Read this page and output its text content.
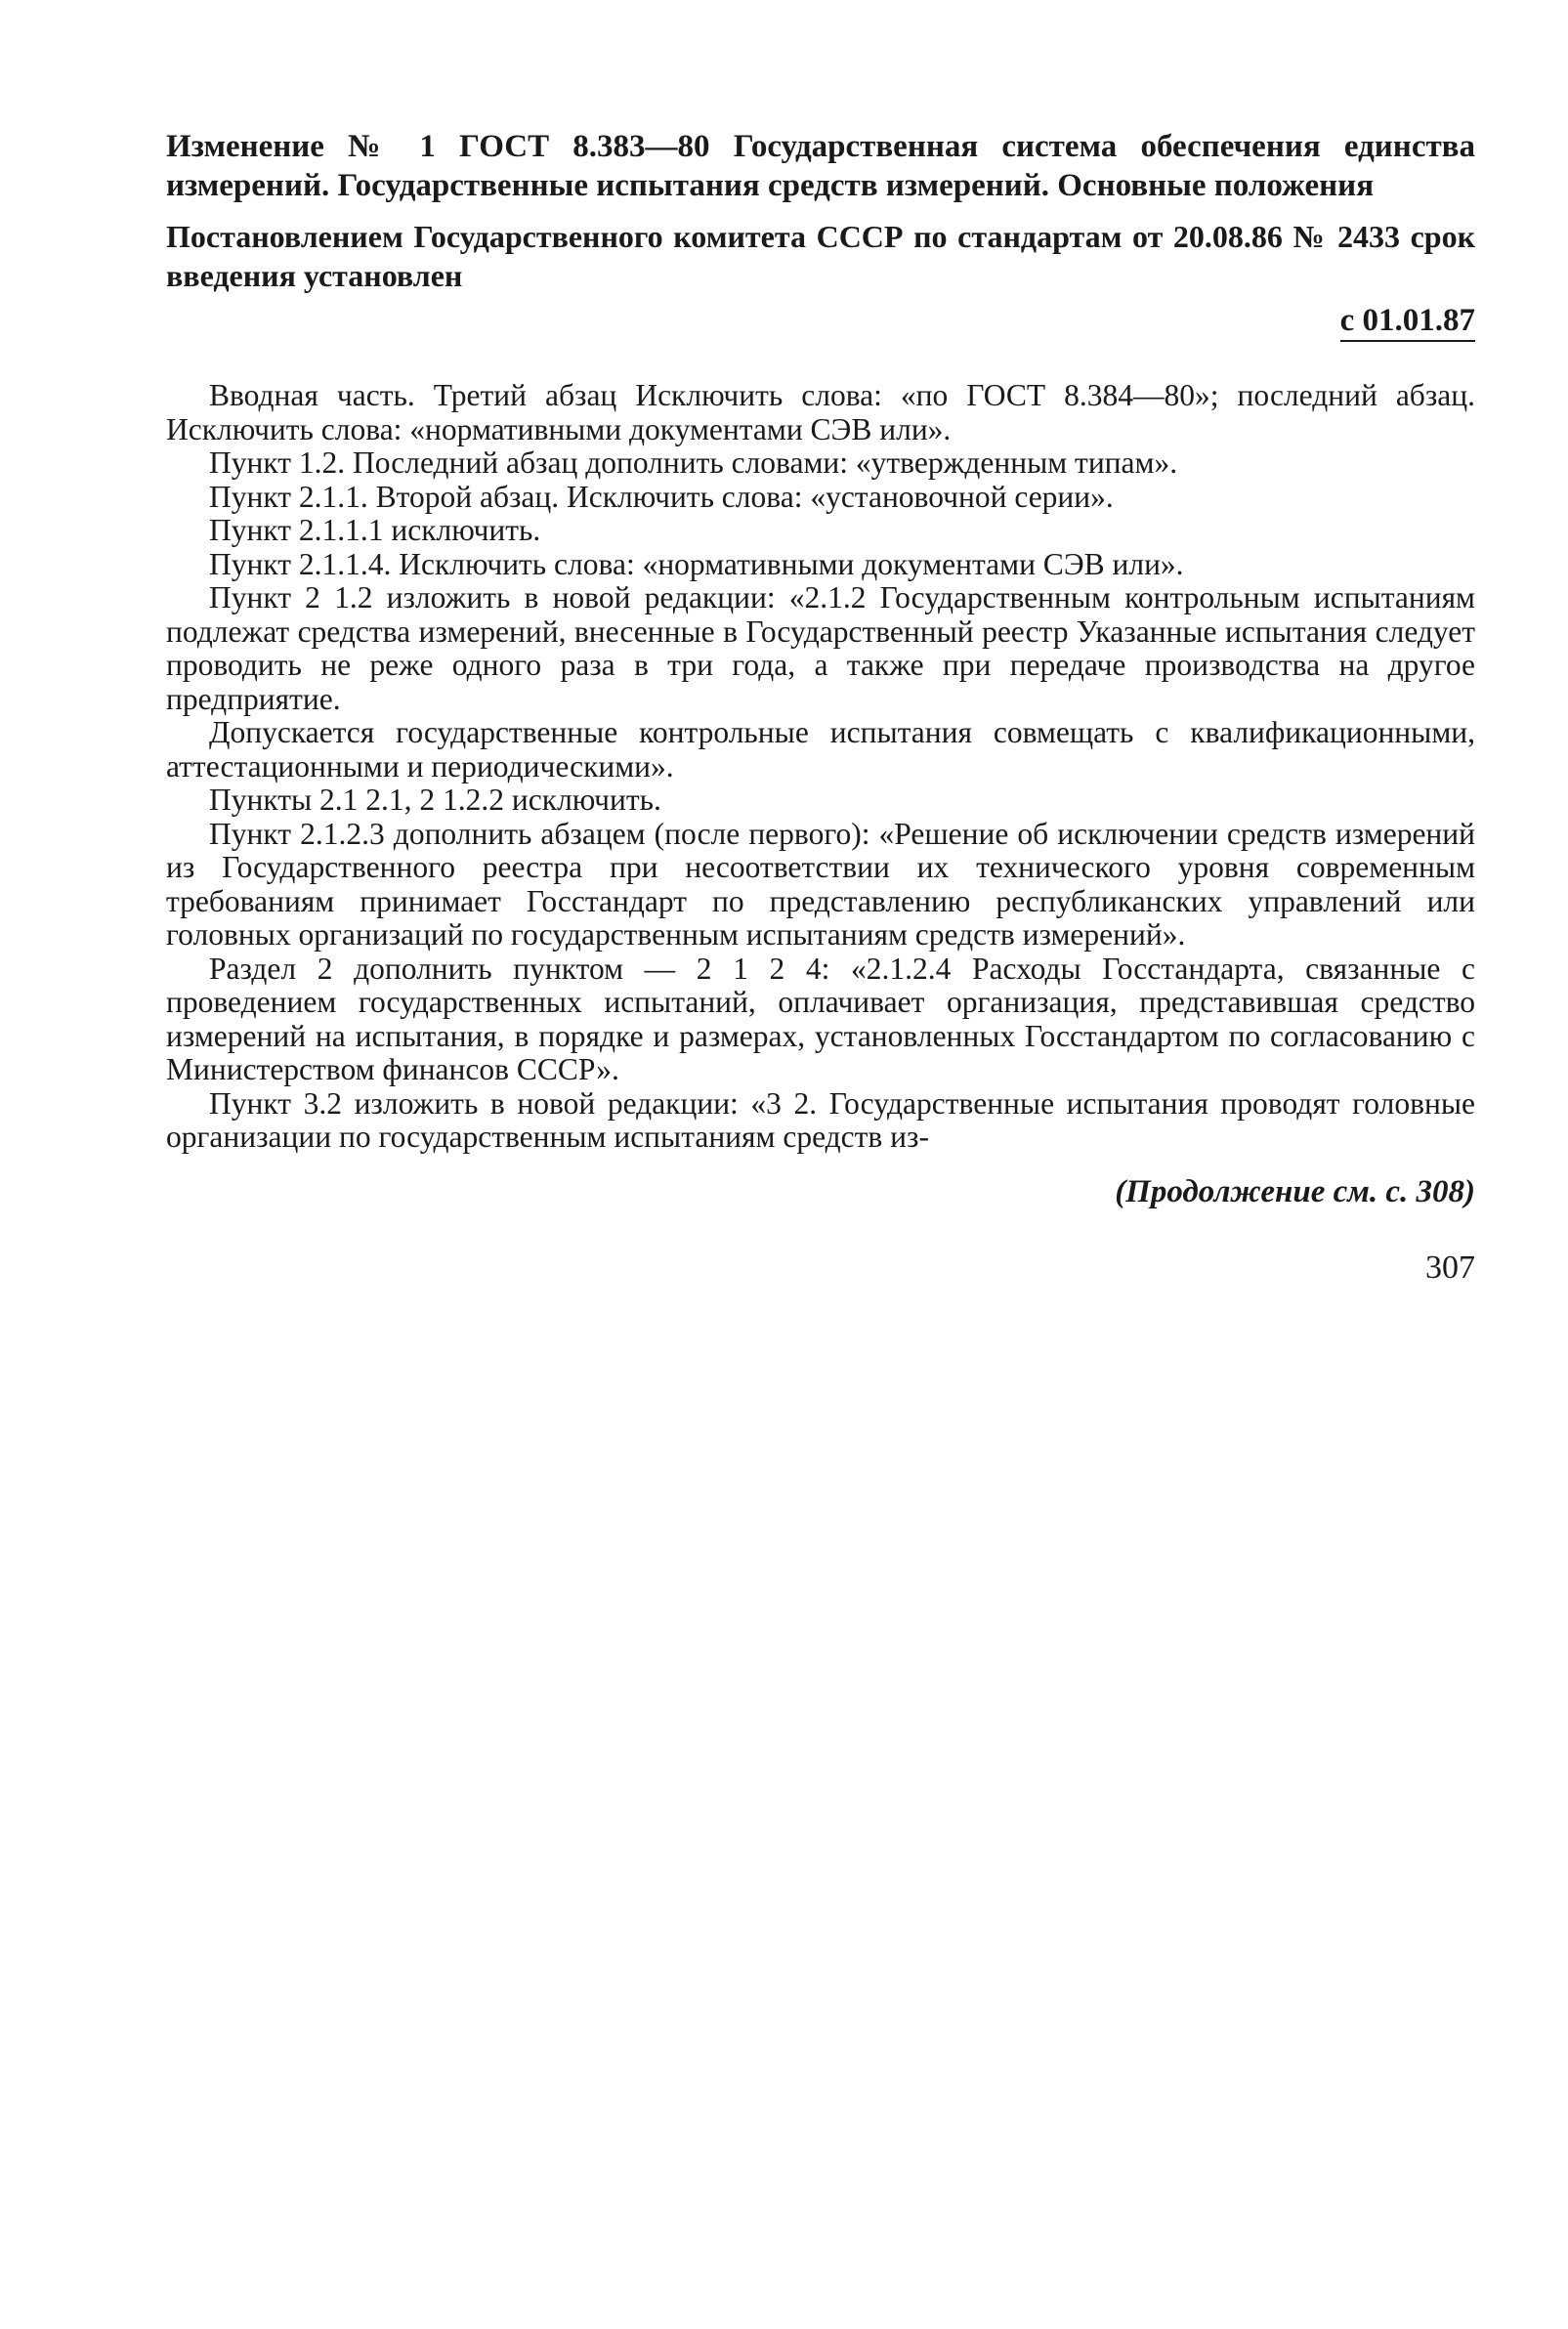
Изменение № 1 ГОСТ 8.383—80 Государственная система обеспечения единства измерений. Государственные испытания средств измерений. Основные положения
Постановлением Государственного комитета СССР по стандартам от 20.08.86 № 2433 срок введения установлен
с 01.01.87

Вводная часть. Третий абзац Исключить слова: «по ГОСТ 8.384—80»; последний абзац. Исключить слова: «нормативными документами СЭВ или».

Пункт 1.2. Последний абзац дополнить словами: «утвержденным типам».

Пункт 2.1.1. Второй абзац. Исключить слова: «установочной серии».

Пункт 2.1.1.1 исключить.

Пункт 2.1.1.4. Исключить слова: «нормативными документами СЭВ или».

Пункт 2 1.2 изложить в новой редакции: «2.1.2 Государственным контрольным испытаниям подлежат средства измерений, внесенные в Государственный реестр Указанные испытания следует проводить не реже одного раза в три года, а также при передаче производства на другое предприятие.

Допускается государственные контрольные испытания совмещать с квалификационными, аттестационными и периодическими».

Пункты 2.1 2.1, 2 1.2.2 исключить.

Пункт 2.1.2.3 дополнить абзацем (после первого): «Решение об исключении средств измерений из Государственного реестра при несоответствии их технического уровня современным требованиям принимает Госстандарт по представлению республиканских управлений или головных организаций по государственным испытаниям средств измерений».

Раздел 2 дополнить пунктом — 2 1 2 4: «2.1.2.4 Расходы Госстандарта, связанные с проведением государственных испытаний, оплачивает организация, представившая средство измерений на испытания, в порядке и размерах, установленных Госстандартом по согласованию с Министерством финансов СССР».

Пункт 3.2 изложить в новой редакции: «3 2. Государственные испытания проводят головные организации по государственным испытаниям средств из-

(Продолжение см. с. 308)
307
